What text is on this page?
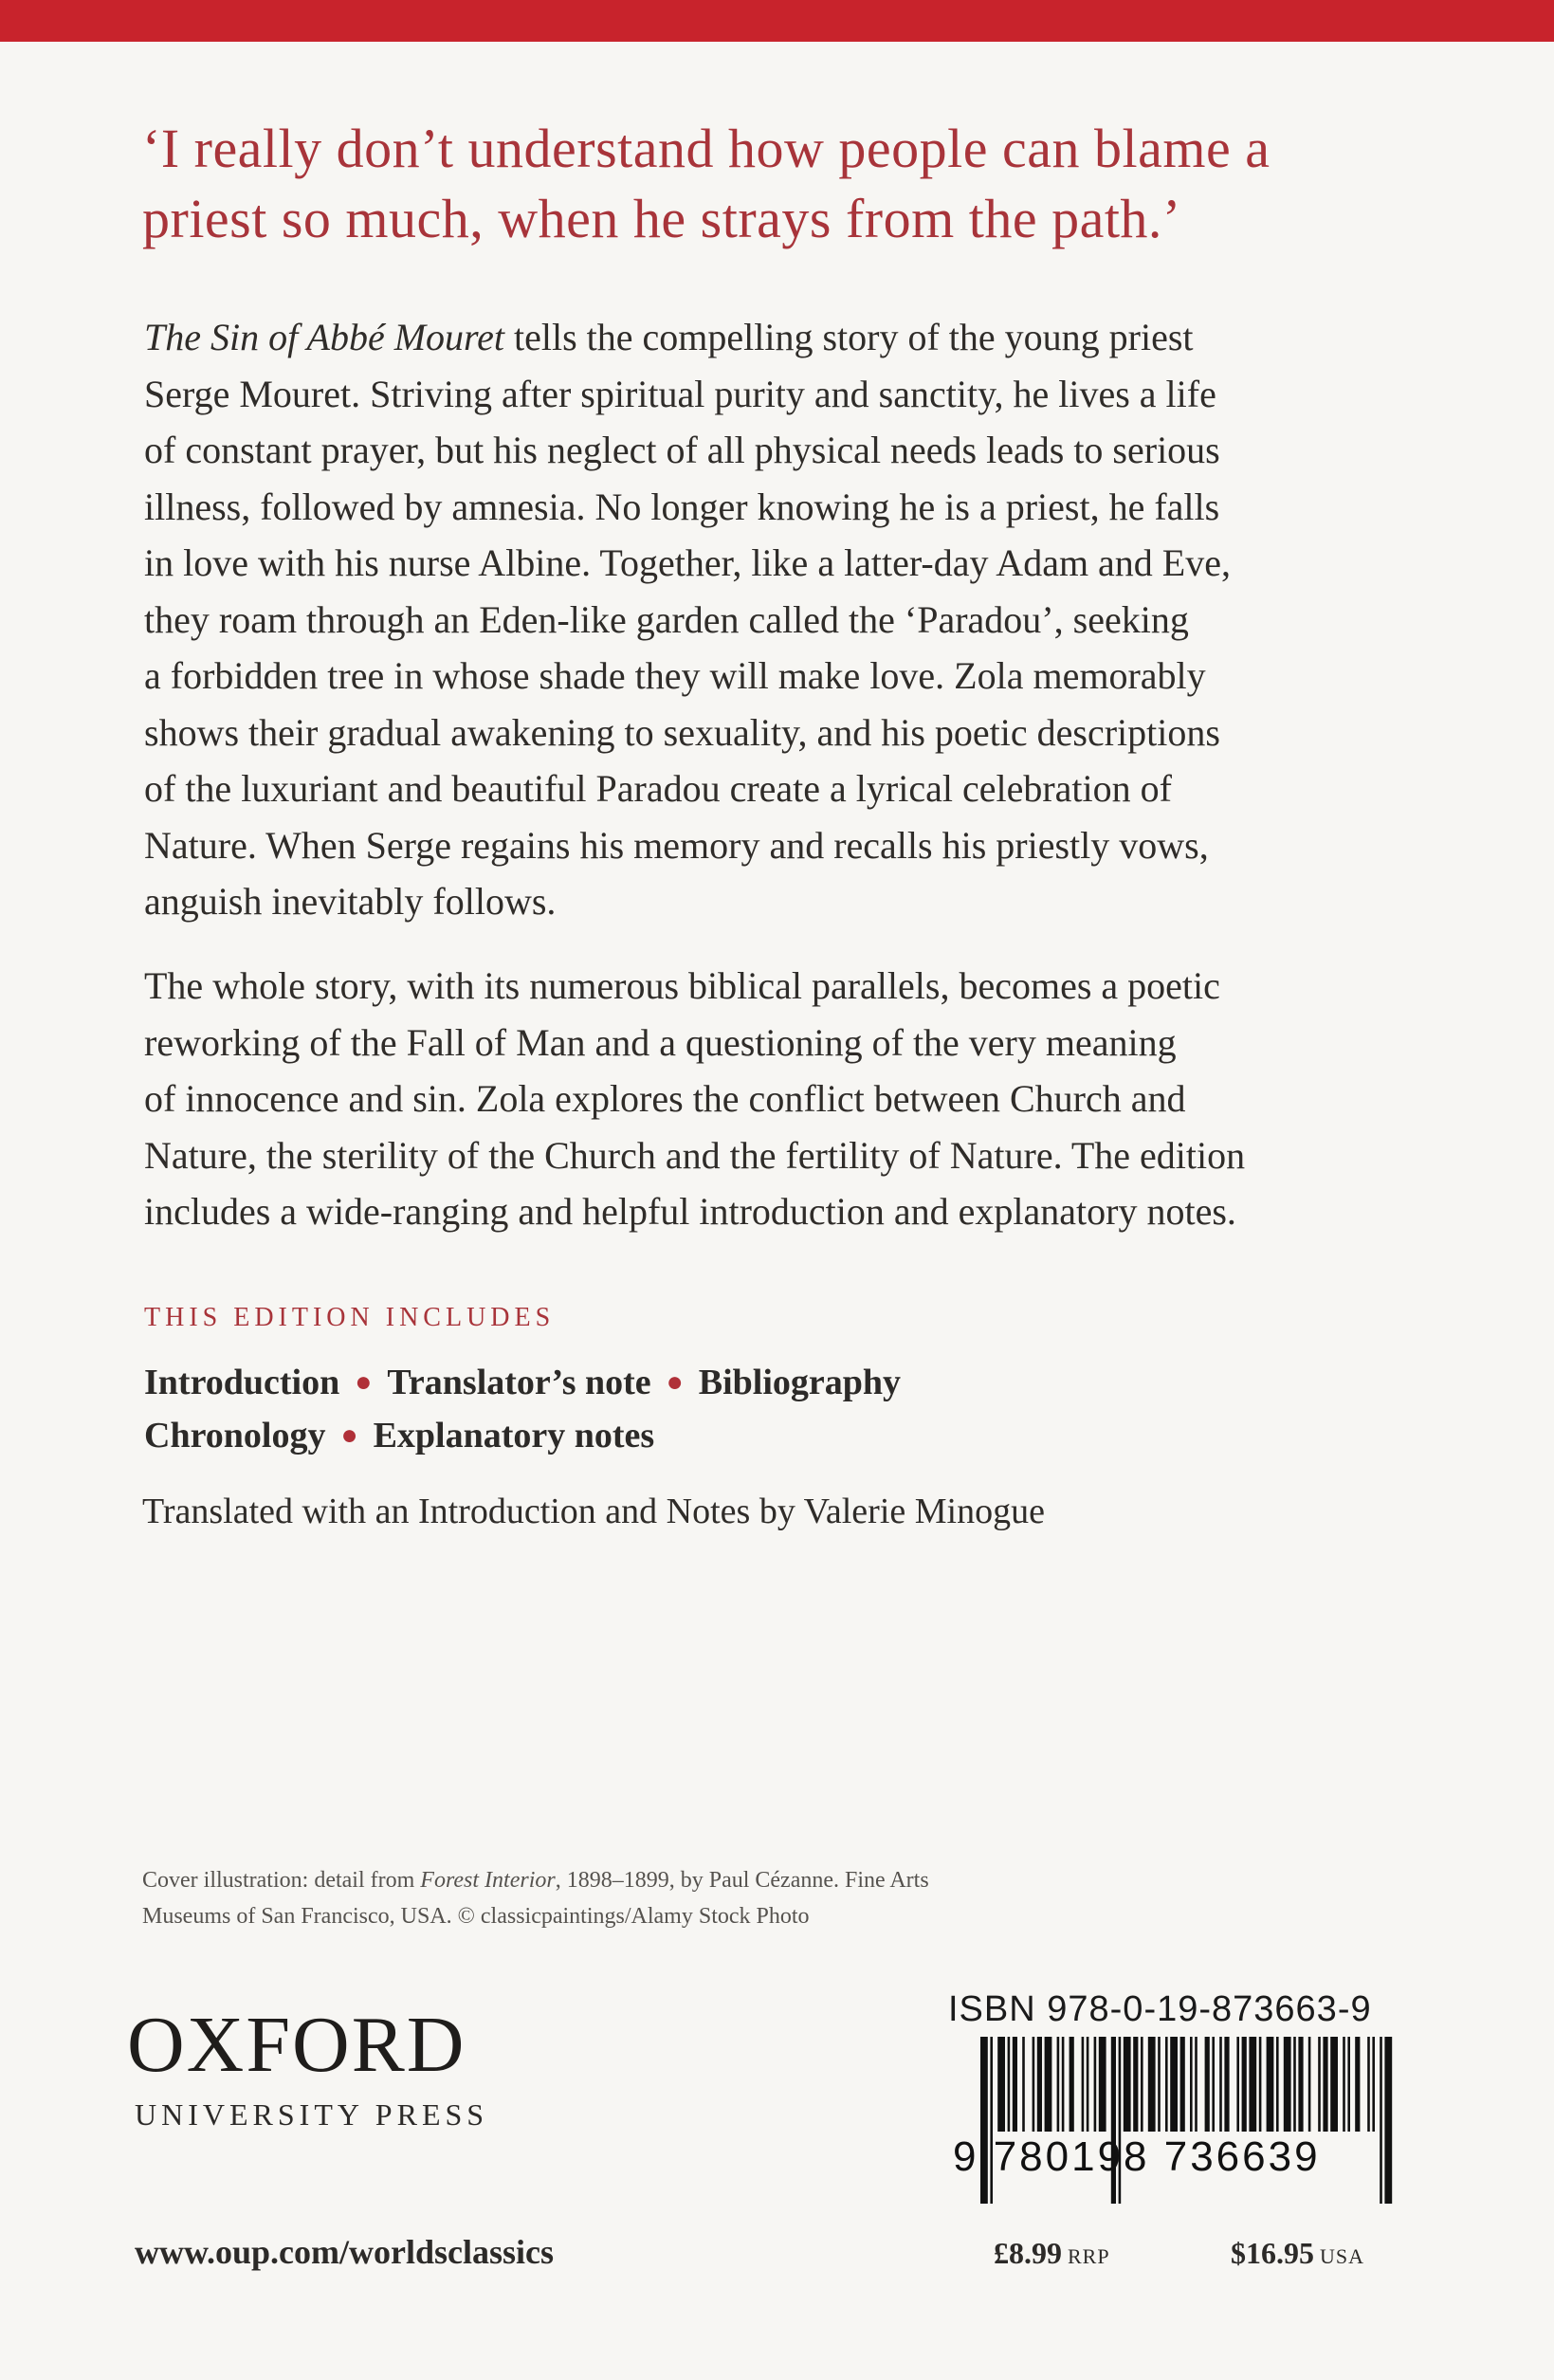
‘I really don’t understand how people can blame a
priest so much, when he strays from the path.’
The Sin of Abbé Mouret tells the compelling story of the young priest
Serge Mouret. Striving after spiritual purity and sanctity, he lives a life
of constant prayer, but his neglect of all physical needs leads to serious
illness, followed by amnesia. No longer knowing he is a priest, he falls
in love with his nurse Albine. Together, like a latter-day Adam and Eve,
they roam through an Eden-like garden called the ‘Paradou’, seeking
a forbidden tree in whose shade they will make love. Zola memorably
shows their gradual awakening to sexuality, and his poetic descriptions
of the luxuriant and beautiful Paradou create a lyrical celebration of
Nature. When Serge regains his memory and recalls his priestly vows,
anguish inevitably follows.
The whole story, with its numerous biblical parallels, becomes a poetic
reworking of the Fall of Man and a questioning of the very meaning
of innocence and sin. Zola explores the conflict between Church and
Nature, the sterility of the Church and the fertility of Nature. The edition
includes a wide-ranging and helpful introduction and explanatory notes.
THIS EDITION INCLUDES
Introduction ● Translator’s note ● Bibliography
Chronology ● Explanatory notes
Translated with an Introduction and Notes by Valerie Minogue
Cover illustration: detail from Forest Interior, 1898–1899, by Paul Cézanne. Fine Arts
Museums of San Francisco, USA. © classicpaintings/Alamy Stock Photo
OXFORD
UNIVERSITY PRESS
www.oup.com/worldsclassics
ISBN 978-0-19-873663-9
9 780198 736639
£8.99 RRP	$16.95 USA
